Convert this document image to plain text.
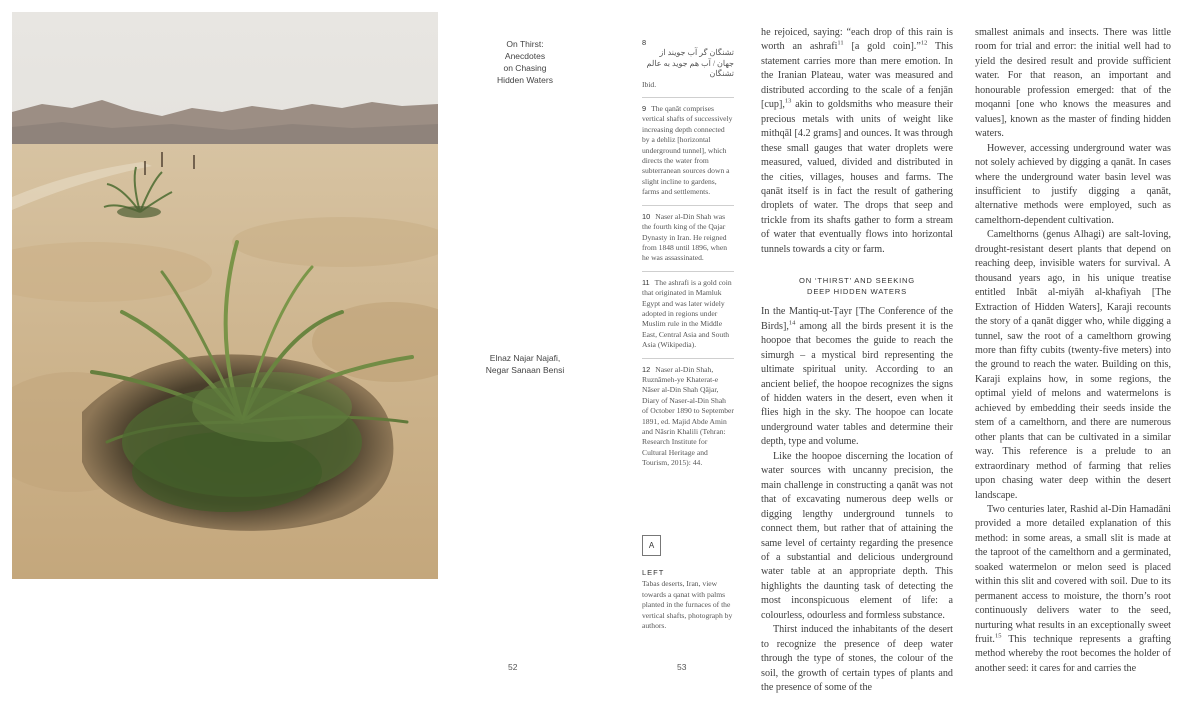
On Thirst:
Anecdotes
on Chasing
Hidden Waters
Elnaz Najar Najafi,
Negar Sanaan Bensi
8 تشنگان گر آب جویند از جهان / آب هم جوید به عالم تشنگان
Ibid.
9 The qanāt comprises vertical shafts of successively increasing depth connected by a dehliz [horizontal underground tunnel], which directs the water from subterranean sources down a slight incline to gardens, farms and settlements.
10 Naser al-Din Shah was the fourth king of the Qajar Dynasty in Iran. He reigned from 1848 until 1896, when he was assassinated.
11 The ashrafi is a gold coin that originated in Mamluk Egypt and was later widely adopted in regions under Muslim rule in the Middle East, Central Asia and South Asia (Wikipedia).
12 Naser al-Din Shah, Ruznāmeh-ye Khaterat-e Nāser al-Din Shah Qājar, Diary of Naser-al-Din Shah of October 1890 to September 1891, ed. Majid Abde Amin and Nāsrin Khalili (Tehran: Research Institute for Cultural Heritage and Tourism, 2015): 44.
A
LEFT
Tabas deserts, Iran, view towards a qanat with palms planted in the furnaces of the vertical shafts, photograph by authors.
52	53

he rejoiced, saying: “each drop of this rain is worth an ashrafi$^{11}$ [a gold coin].”$^{12}$ This statement carries more than mere emotion. In the Iranian Plateau, water was measured and distributed according to the scale of a fenjān [cup],$^{13}$ akin to goldsmiths who measure their precious metals with units of weight like mithqāl [4.2 grams] and ounces. It was through these small gauges that water droplets were measured, valued, divided and distributed in the cities, villages, houses and farms. The qanāt itself is in fact the result of gathering droplets of water. The drops that seep and trickle from its shafts gather to form a stream of water that eventually flows into horizontal tunnels towards a city or farm.

ON ‘THIRST’ AND SEEKING
DEEP HIDDEN WATERS

In the Mantiq-ut-Ṭayr [The Conference of the Birds],$^{14}$ among all the birds present it is the hoopoe that becomes the guide to reach the simurgh – a mystical bird representing the ultimate spiritual unity. According to an ancient belief, the hoopoe recognizes the signs of hidden waters in the desert, even when it flies high in the sky. The hoopoe can locate underground water tables and determine their depth, type and volume.

Like the hoopoe discerning the location of water sources with uncanny precision, the main challenge in constructing a qanāt was not that of excavating numerous deep wells or digging lengthy underground tunnels to connect them, but rather that of attaining the same level of certainty regarding the presence of a substantial and delicious underground water table at an appropriate depth. This highlights the daunting task of detecting the most inconspicuous element of life: a colourless, odourless and formless substance.

Thirst induced the inhabitants of the desert to recognize the presence of deep water through the type of stones, the colour of the soil, the growth of certain types of plants and the presence of some of the

smallest animals and insects. There was little room for trial and error: the initial well had to yield the desired result and provide sufficient water. For that reason, an important and honourable profession emerged: that of the moqanni [one who knows the measures and values], known as the master of finding hidden waters.

However, accessing underground water was not solely achieved by digging a qanāt. In cases where the underground water basin level was insufficient to justify digging a qanāt, alternative methods were employed, such as camelthorn-dependent cultivation.

Camelthorns (genus Alhagi) are salt-loving, drought-resistant desert plants that depend on reaching deep, invisible waters for survival. A thousand years ago, in his unique treatise entitled Inbāt al-miyāh al-khafiyah [The Extraction of Hidden Waters], Karaji recounts the story of a qanāt digger who, while digging a tunnel, saw the root of a camelthorn growing more than fifty cubits (twenty-five meters) into the ground to reach the water. Building on this, Karaji explains how, in some regions, the optimal yield of melons and watermelons is achieved by embedding their seeds inside the stem of a camelthorn, and there are numerous other plants that can be cultivated in a similar way. This reference is a prelude to an extraordinary method of farming that relies upon chasing water deep within the desert landscape.

Two centuries later, Rashid al-Din Hamadāni provided a more detailed explanation of this method: in some areas, a small slit is made at the taproot of the camelthorn and a germinated, soaked watermelon or melon seed is placed within this slit and covered with soil. Due to its permanent access to moisture, the thorn’s root continuously delivers water to the seed, nurturing what results in an exceptionally sweet fruit.$^{15}$ This technique represents a grafting method whereby the root becomes the holder of another seed: it cares for and carries the
